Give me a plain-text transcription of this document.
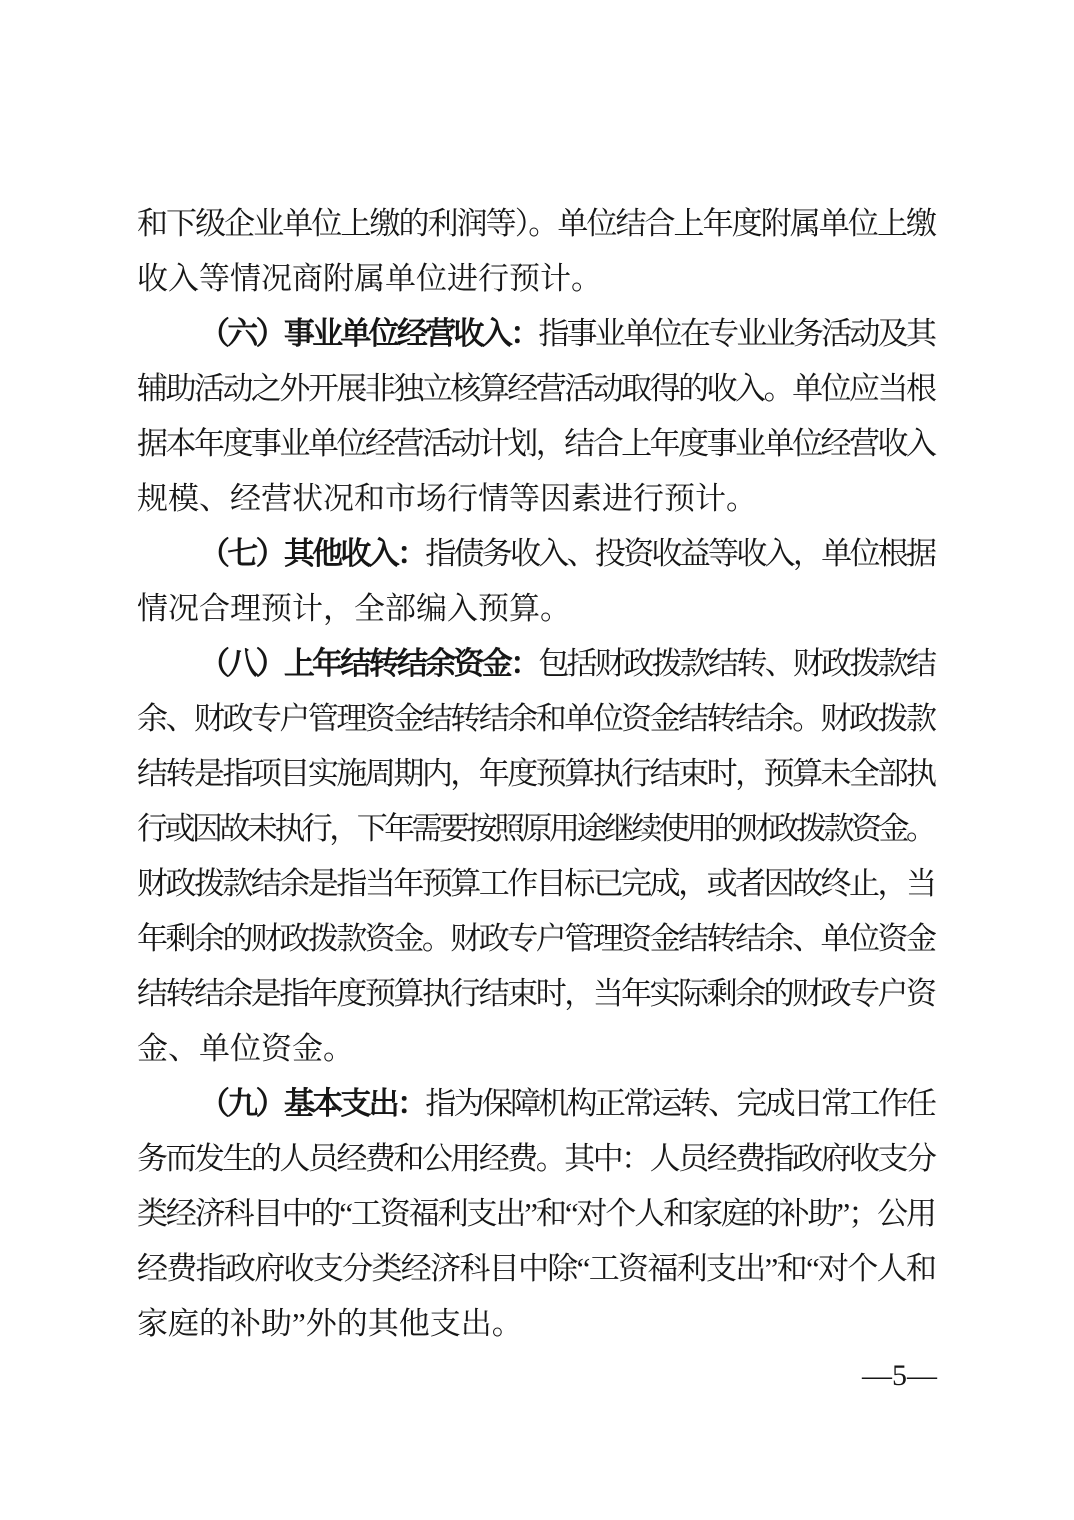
和下级企业单位上缴的利润等）。单位结合上年度附属单位上缴
收入等情况商附属单位进行预计。
（六）事业单位经营收入：指事业单位在专业业务活动及其
辅助活动之外开展非独立核算经营活动取得的收入。单位应当根
据本年度事业单位经营活动计划，结合上年度事业单位经营收入
规模、经营状况和市场行情等因素进行预计。
（七）其他收入：指债务收入、投资收益等收入，单位根据
情况合理预计，全部编入预算。
（八）上年结转结余资金：包括财政拨款结转、财政拨款结
余、财政专户管理资金结转结余和单位资金结转结余。财政拨款
结转是指项目实施周期内，年度预算执行结束时，预算未全部执
行或因故未执行，下年需要按照原用途继续使用的财政拨款资金。
财政拨款结余是指当年预算工作目标已完成，或者因故终止，当
年剩余的财政拨款资金。财政专户管理资金结转结余、单位资金
结转结余是指年度预算执行结束时，当年实际剩余的财政专户资
金、单位资金。
（九）基本支出：指为保障机构正常运转、完成日常工作任
务而发生的人员经费和公用经费。其中：人员经费指政府收支分
类经济科目中的“工资福利支出”和“对个人和家庭的补助”；公用
经费指政府收支分类经济科目中除“工资福利支出”和“对个人和
家庭的补助”外的其他支出。
—5—
